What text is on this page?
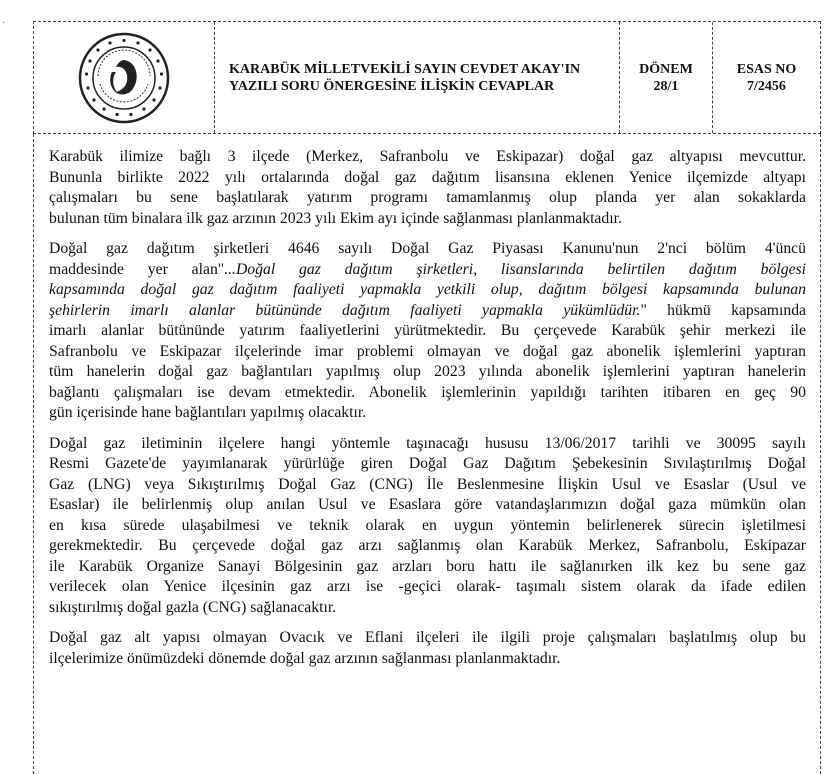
·
KARABÜK MİLLETVEKİLİ SAYIN CEVDET AKAY'IN
YAZILI SORU ÖNERGESİNE İLİŞKİN CEVAPLAR
DÖNEM
28/1
ESAS NO
7/2456

Karabük ilimize bağlı 3 ilçede (Merkez, Safranbolu ve Eskipazar) doğal gaz altyapısı mevcuttur.
Bununla birlikte 2022 yılı ortalarında doğal gaz dağıtım lisansına eklenen Yenice ilçemizde altyapı
çalışmaları bu sene başlatılarak yatırım programı tamamlanmış olup planda yer alan sokaklarda
bulunan tüm binalara ilk gaz arzının 2023 yılı Ekim ayı içinde sağlanması planlanmaktadır.

Doğal gaz dağıtım şirketleri 4646 sayılı Doğal Gaz Piyasası Kanunu'nun 2'nci bölüm 4'üncü
maddesinde yer alan"...Doğal gaz dağıtım şirketleri, lisanslarında belirtilen dağıtım bölgesi
kapsamında doğal gaz dağıtım faaliyeti yapmakla yetkili olup, dağıtım bölgesi kapsamında bulunan
şehirlerin imarlı alanlar bütününde dağıtım faaliyeti yapmakla yükümlüdür." hükmü kapsamında
imarlı alanlar bütününde yatırım faaliyetlerini yürütmektedir. Bu çerçevede Karabük şehir merkezi ile
Safranbolu ve Eskipazar ilçelerinde imar problemi olmayan ve doğal gaz abonelik işlemlerini yaptıran
tüm hanelerin doğal gaz bağlantıları yapılmış olup 2023 yılında abonelik işlemlerini yaptıran hanelerin
bağlantı çalışmaları ise devam etmektedir. Abonelik işlemlerinin yapıldığı tarihten itibaren en geç 90
gün içerisinde hane bağlantıları yapılmış olacaktır.

Doğal gaz iletiminin ilçelere hangi yöntemle taşınacağı hususu 13/06/2017 tarihli ve 30095 sayılı
Resmi Gazete'de yayımlanarak yürürlüğe giren Doğal Gaz Dağıtım Şebekesinin Sıvılaştırılmış Doğal
Gaz (LNG) veya Sıkıştırılmış Doğal Gaz (CNG) İle Beslenmesine İlişkin Usul ve Esaslar (Usul ve
Esaslar) ile belirlenmiş olup anılan Usul ve Esaslara göre vatandaşlarımızın doğal gaza mümkün olan
en kısa sürede ulaşabilmesi ve teknik olarak en uygun yöntemin belirlenerek sürecin işletilmesi
gerekmektedir. Bu çerçevede doğal gaz arzı sağlanmış olan Karabük Merkez, Safranbolu, Eskipazar
ile Karabük Organize Sanayi Bölgesinin gaz arzları boru hattı ile sağlanırken ilk kez bu sene gaz
verilecek olan Yenice ilçesinin gaz arzı ise -geçici olarak- taşımalı sistem olarak da ifade edilen
sıkıştırılmış doğal gazla (CNG) sağlanacaktır.

Doğal gaz alt yapısı olmayan Ovacık ve Eflani ilçeleri ile ilgili proje çalışmaları başlatılmış olup bu
ilçelerimize önümüzdeki dönemde doğal gaz arzının sağlanması planlanmaktadır.
